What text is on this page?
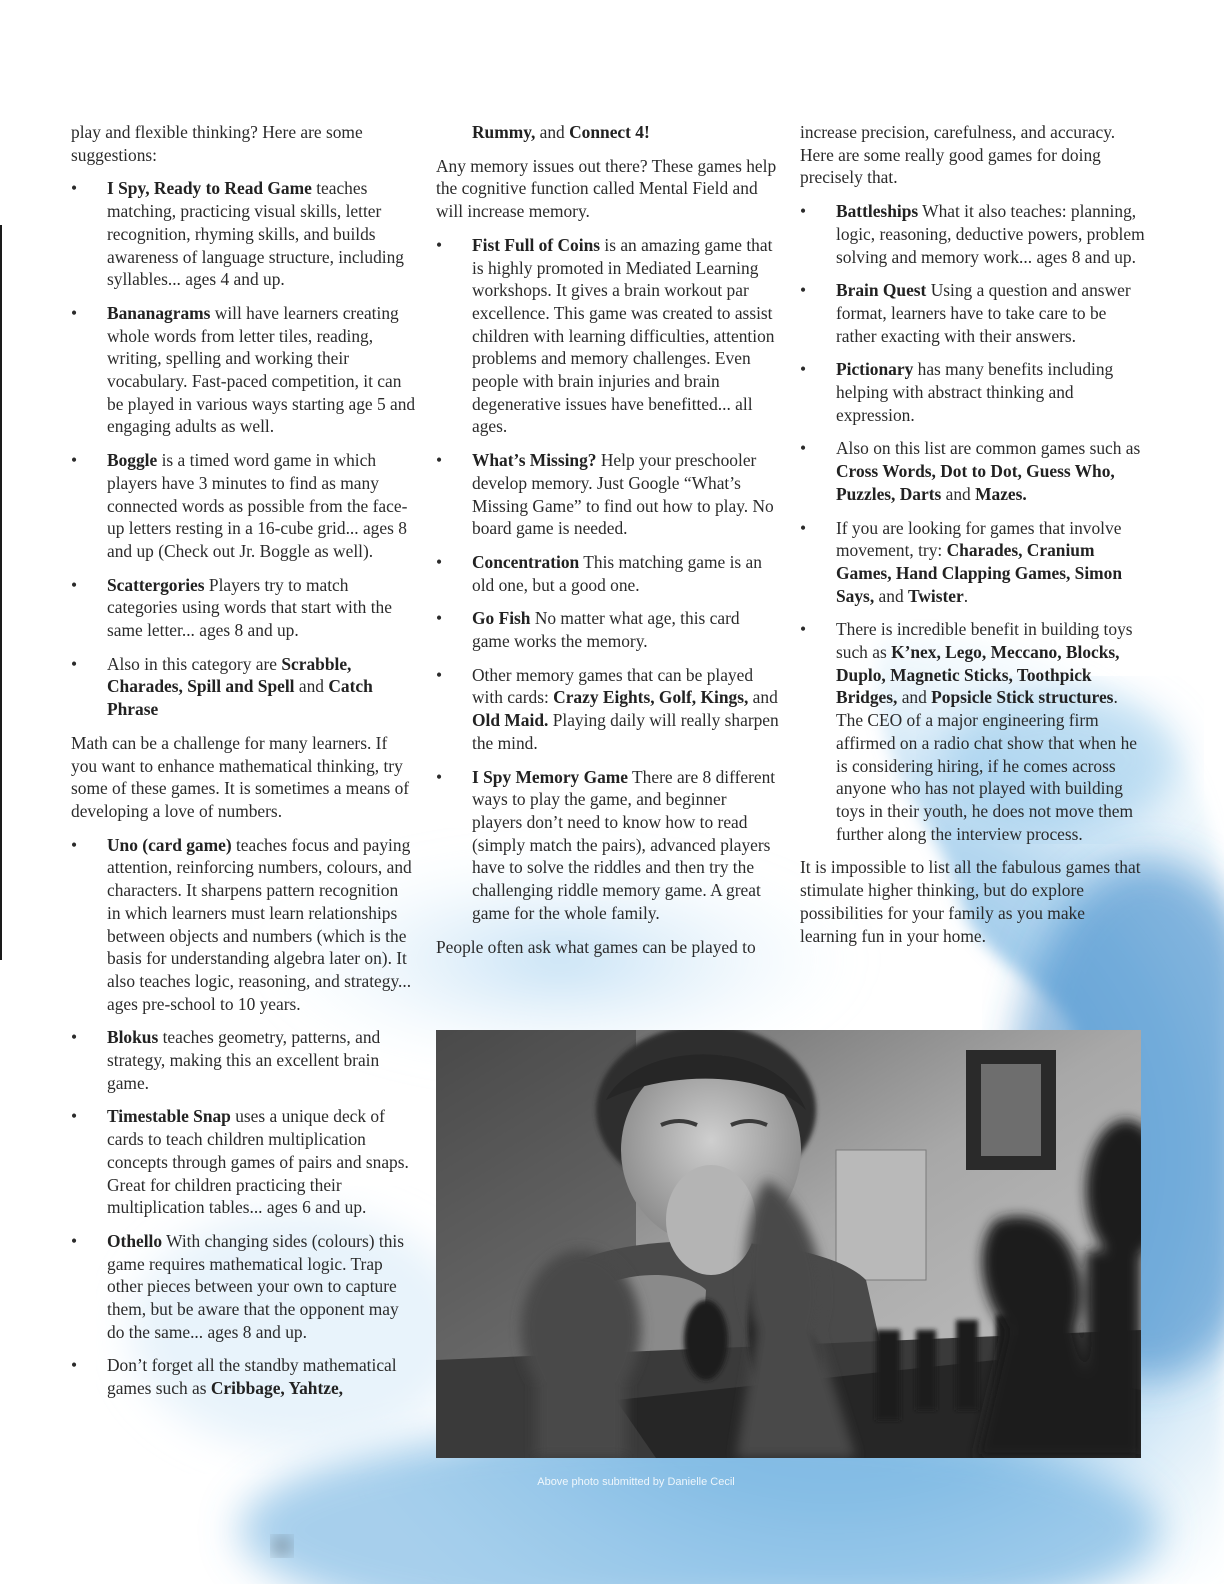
play and flexible thinking? Here are some suggestions:

• I Spy, Ready to Read Game teaches matching, practicing visual skills, letter recognition, rhyming skills, and builds awareness of language structure, including syllables... ages 4 and up.
• Bananagrams will have learners creating whole words from letter tiles, reading, writing, spelling and working their vocabulary. Fast-paced competition, it can be played in various ways starting age 5 and engaging adults as well.
• Boggle is a timed word game in which players have 3 minutes to find as many connected words as possible from the face-up letters resting in a 16-cube grid... ages 8 and up (Check out Jr. Boggle as well).
• Scattergories Players try to match categories using words that start with the same letter... ages 8 and up.
• Also in this category are Scrabble, Charades, Spill and Spell and Catch Phrase

Math can be a challenge for many learners. If you want to enhance mathematical thinking, try some of these games. It is sometimes a means of developing a love of numbers.

• Uno (card game) teaches focus and paying attention, reinforcing numbers, colours, and characters. It sharpens pattern recognition in which learners must learn relationships between objects and numbers (which is the basis for understanding algebra later on). It also teaches logic, reasoning, and strategy... ages pre-school to 10 years.
• Blokus teaches geometry, patterns, and strategy, making this an excellent brain game.
• Timestable Snap uses a unique deck of cards to teach children multiplication concepts through games of pairs and snaps. Great for children practicing their multiplication tables... ages 6 and up.
• Othello With changing sides (colours) this game requires mathematical logic. Trap other pieces between your own to capture them, but be aware that the opponent may do the same... ages 8 and up.
• Don’t forget all the standby mathematical games such as Cribbage, Yahtze,

Rummy, and Connect 4!

Any memory issues out there? These games help the cognitive function called Mental Field and will increase memory.

• Fist Full of Coins is an amazing game that is highly promoted in Mediated Learning workshops. It gives a brain workout par excellence. This game was created to assist children with learning difficulties, attention problems and memory challenges. Even people with brain injuries and brain degenerative issues have benefitted... all ages.
• What’s Missing? Help your preschooler develop memory. Just Google “What’s Missing Game” to find out how to play. No board game is needed.
• Concentration This matching game is an old one, but a good one.
• Go Fish No matter what age, this card game works the memory.
• Other memory games that can be played with cards: Crazy Eights, Golf, Kings, and Old Maid. Playing daily will really sharpen the mind.
• I Spy Memory Game There are 8 different ways to play the game, and beginner players don’t need to know how to read (simply match the pairs), advanced players have to solve the riddles and then try the challenging riddle memory game. A great game for the whole family.

People often ask what games can be played to

increase precision, carefulness, and accuracy. Here are some really good games for doing precisely that.

• Battleships What it also teaches: planning, logic, reasoning, deductive powers, problem solving and memory work... ages 8 and up.
• Brain Quest Using a question and answer format, learners have to take care to be rather exacting with their answers.
• Pictionary has many benefits including helping with abstract thinking and expression.
• Also on this list are common games such as Cross Words, Dot to Dot, Guess Who, Puzzles, Darts and Mazes.
• If you are looking for games that involve movement, try: Charades, Cranium Games, Hand Clapping Games, Simon Says, and Twister.
• There is incredible benefit in building toys such as K’nex, Lego, Meccano, Blocks, Duplo, Magnetic Sticks, Toothpick Bridges, and Popsicle Stick structures. The CEO of a major engineering firm affirmed on a radio chat show that when he is considering hiring, if he comes across anyone who has not played with building toys in their youth, he does not move them further along the interview process.

It is impossible to list all the fabulous games that stimulate higher thinking, but do explore possibilities for your family as you make learning fun in your home.

Above photo submitted by Danielle Cecil
